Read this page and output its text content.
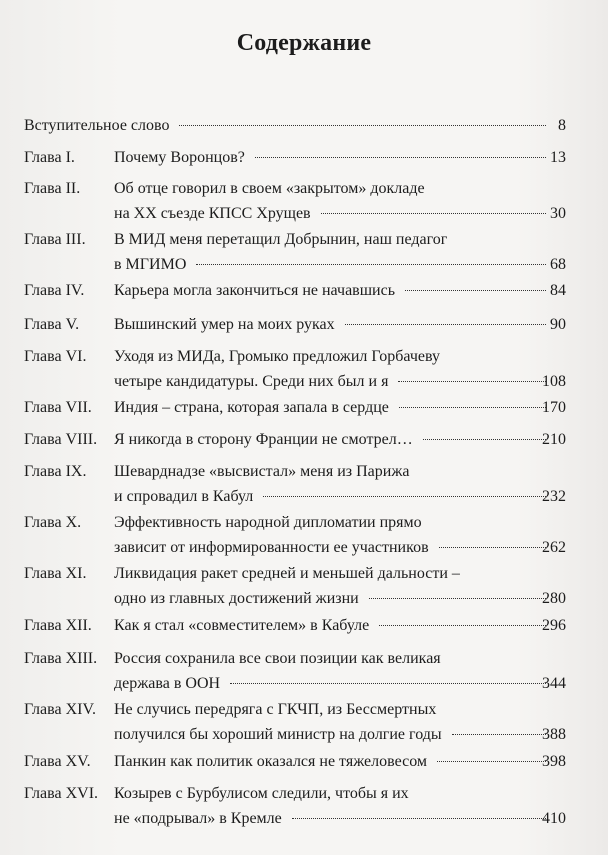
Содержание
Вступительное слово	8
Глава I. Почему Воронцов?	13
Глава II. Об отце говорил в своем «закрытом» докладе
на XX съезде КПСС Хрущев	30
Глава III. В МИД меня перетащил Добрынин, наш педагог
в МГИМО	68
Глава IV. Карьера могла закончиться не начавшись	84
Глава V. Вышинский умер на моих руках	90
Глава VI. Уходя из МИДа, Громыко предложил Горбачеву
четыре кандидатуры. Среди них был и я	108
Глава VII. Индия – страна, которая запала в сердце	170
Глава VIII. Я никогда в сторону Франции не смотрел…	210
Глава IX. Шеварднадзе «высвистал» меня из Парижа
и спровадил в Кабул	232
Глава X. Эффективность народной дипломатии прямо
зависит от информированности ее участников	262
Глава XI. Ликвидация ракет средней и меньшей дальности –
одно из главных достижений жизни	280
Глава XII. Как я стал «совместителем» в Кабуле	296
Глава XIII. Россия сохранила все свои позиции как великая
держава в ООН	344
Глава XIV. Не случись передряга с ГКЧП, из Бессмертных
получился бы хороший министр на долгие годы	388
Глава XV. Панкин как политик оказался не тяжеловесом	398
Глава XVI. Козырев с Бурбулисом следили, чтобы я их
не «подрывал» в Кремле	410
